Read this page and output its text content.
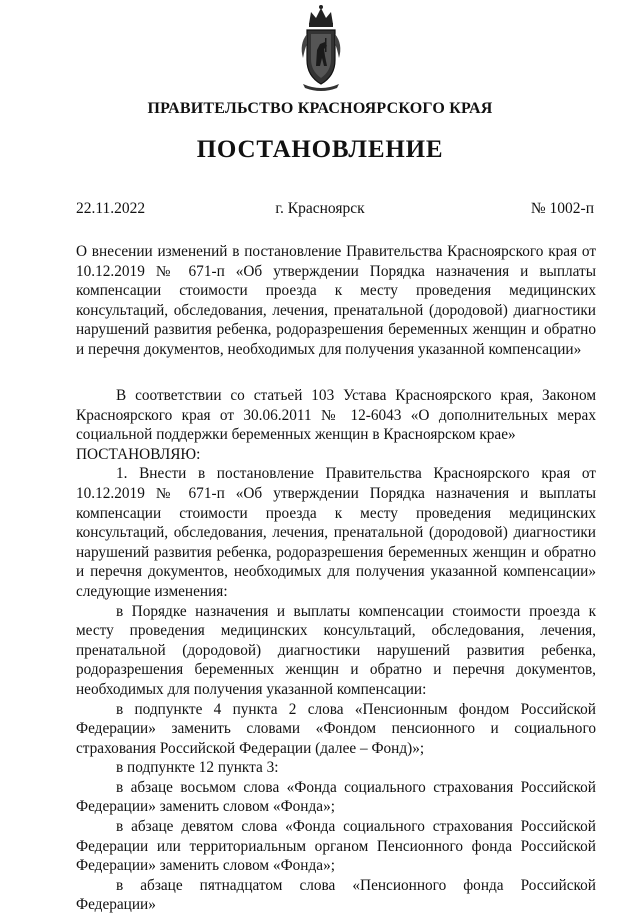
ПРАВИТЕЛЬСТВО КРАСНОЯРСКОГО КРАЯ
ПОСТАНОВЛЕНИЕ
22.11.2022	г. Красноярск	№ 1002-п

О внесении изменений в постановление Правительства Красноярского края от 10.12.2019 № 671-п «Об утверждении Порядка назначения и выплаты компенсации стоимости проезда к месту проведения медицинских консультаций, обследования, лечения, пренатальной (дородовой) диагностики нарушений развития ребенка, родоразрешения беременных женщин и обратно и перечня документов, необходимых для получения указанной компенсации»

В соответствии со статьей 103 Устава Красноярского края, Законом Красноярского края от 30.06.2011 № 12-6043 «О дополнительных мерах социальной поддержки беременных женщин в Красноярском крае»

ПОСТАНОВЛЯЮ:

1. Внести в постановление Правительства Красноярского края от 10.12.2019 № 671-п «Об утверждении Порядка назначения и выплаты компенсации стоимости проезда к месту проведения медицинских консультаций, обследования, лечения, пренатальной (дородовой) диагностики нарушений развития ребенка, родоразрешения беременных женщин и обратно и перечня документов, необходимых для получения указанной компенсации» следующие изменения:

в Порядке назначения и выплаты компенсации стоимости проезда к месту проведения медицинских консультаций, обследования, лечения, пренатальной (дородовой) диагностики нарушений развития ребенка, родоразрешения беременных женщин и обратно и перечня документов, необходимых для получения указанной компенсации:

в подпункте 4 пункта 2 слова «Пенсионным фондом Российской Федерации» заменить словами «Фондом пенсионного и социального страхования Российской Федерации (далее – Фонд)»;

в подпункте 12 пункта 3:

в абзаце восьмом слова «Фонда социального страхования Российской Федерации» заменить словом «Фонда»;

в абзаце девятом слова «Фонда социального страхования Российской Федерации или территориальным органом Пенсионного фонда Российской Федерации» заменить словом «Фонда»;

в абзаце пятнадцатом слова «Пенсионного фонда Российской Федерации»
